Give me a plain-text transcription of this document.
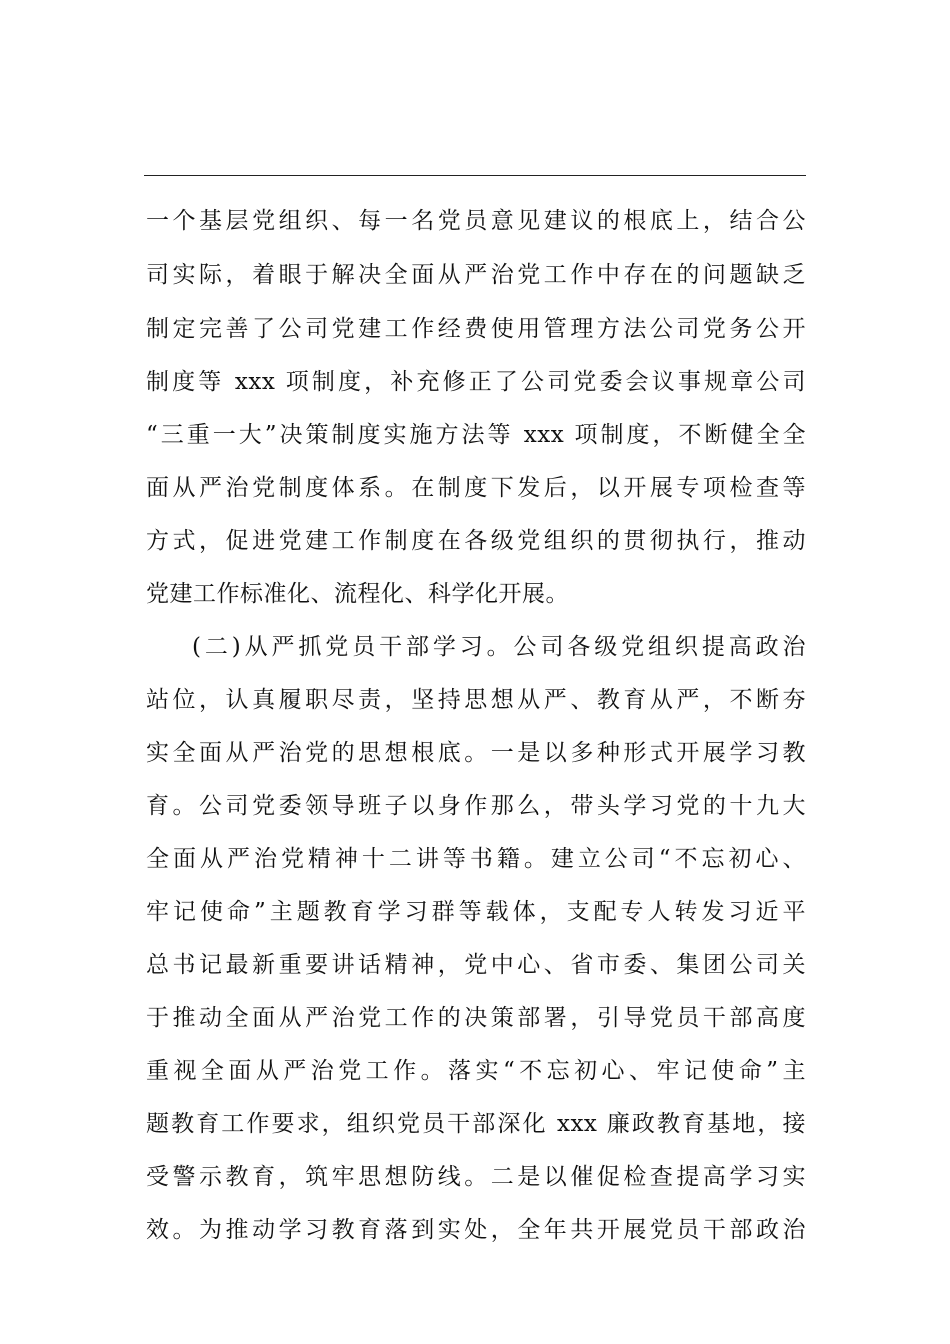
一个基层党组织、每一名党员意见建议的根底上，结合公
司实际，着眼于解决全面从严治党工作中存在的问题缺乏
制定完善了公司党建工作经费使用管理方法公司党务公开
制度等 xxx 项制度，补充修正了公司党委会议事规章公司
“三重一大”决策制度实施方法等 xxx 项制度，不断健全全
面从严治党制度体系。在制度下发后，以开展专项检查等
方式，促进党建工作制度在各级党组织的贯彻执行，推动
党建工作标准化、流程化、科学化开展。
(二)从严抓党员干部学习。公司各级党组织提高政治
站位，认真履职尽责，坚持思想从严、教育从严，不断夯
实全面从严治党的思想根底。一是以多种形式开展学习教
育。公司党委领导班子以身作那么，带头学习党的十九大
全面从严治党精神十二讲等书籍。建立公司“不忘初心、
牢记使命”主题教育学习群等载体，支配专人转发习近平
总书记最新重要讲话精神，党中心、省市委、集团公司关
于推动全面从严治党工作的决策部署，引导党员干部高度
重视全面从严治党工作。落实“不忘初心、牢记使命”主
题教育工作要求，组织党员干部深化 xxx 廉政教育基地，接
受警示教育，筑牢思想防线。二是以催促检查提高学习实
效。为推动学习教育落到实处，全年共开展党员干部政治
